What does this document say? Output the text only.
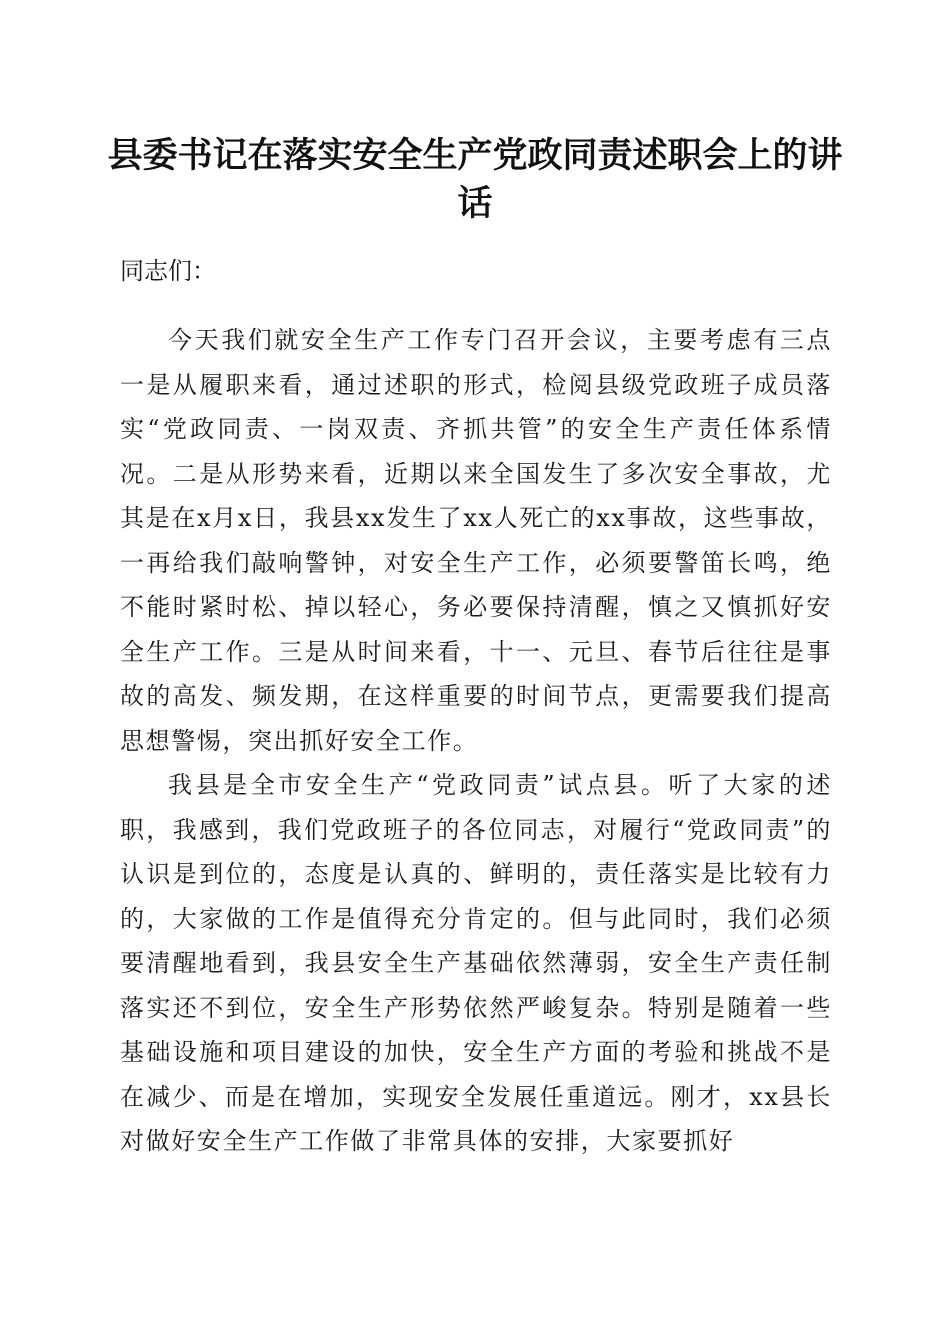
县委书记在落实安全生产党政同责述职会上的讲话

同志们：

今天我们就安全生产工作专门召开会议，主要考虑有三点一是从履职来看，通过述职的形式，检阅县级党政班子成员落实“党政同责、一岗双责、齐抓共管”的安全生产责任体系情况。二是从形势来看，近期以来全国发生了多次安全事故，尤其是在x月x日，我县xx发生了xx人死亡的xx事故，这些事故，一再给我们敲响警钟，对安全生产工作，必须要警笛长鸣，绝不能时紧时松、掉以轻心，务必要保持清醒，慎之又慎抓好安全生产工作。三是从时间来看，十一、元旦、春节后往往是事故的高发、频发期，在这样重要的时间节点，更需要我们提高思想警惕，突出抓好安全工作。

我县是全市安全生产“党政同责”试点县。听了大家的述职，我感到，我们党政班子的各位同志，对履行“党政同责”的认识是到位的，态度是认真的、鲜明的，责任落实是比较有力的，大家做的工作是值得充分肯定的。但与此同时，我们必须要清醒地看到，我县安全生产基础依然薄弱，安全生产责任制落实还不到位，安全生产形势依然严峻复杂。特别是随着一些基础设施和项目建设的加快，安全生产方面的考验和挑战不是在减少、而是在增加，实现安全发展任重道远。刚才，xx县长对做好安全生产工作做了非常具体的安排，大家要抓好
